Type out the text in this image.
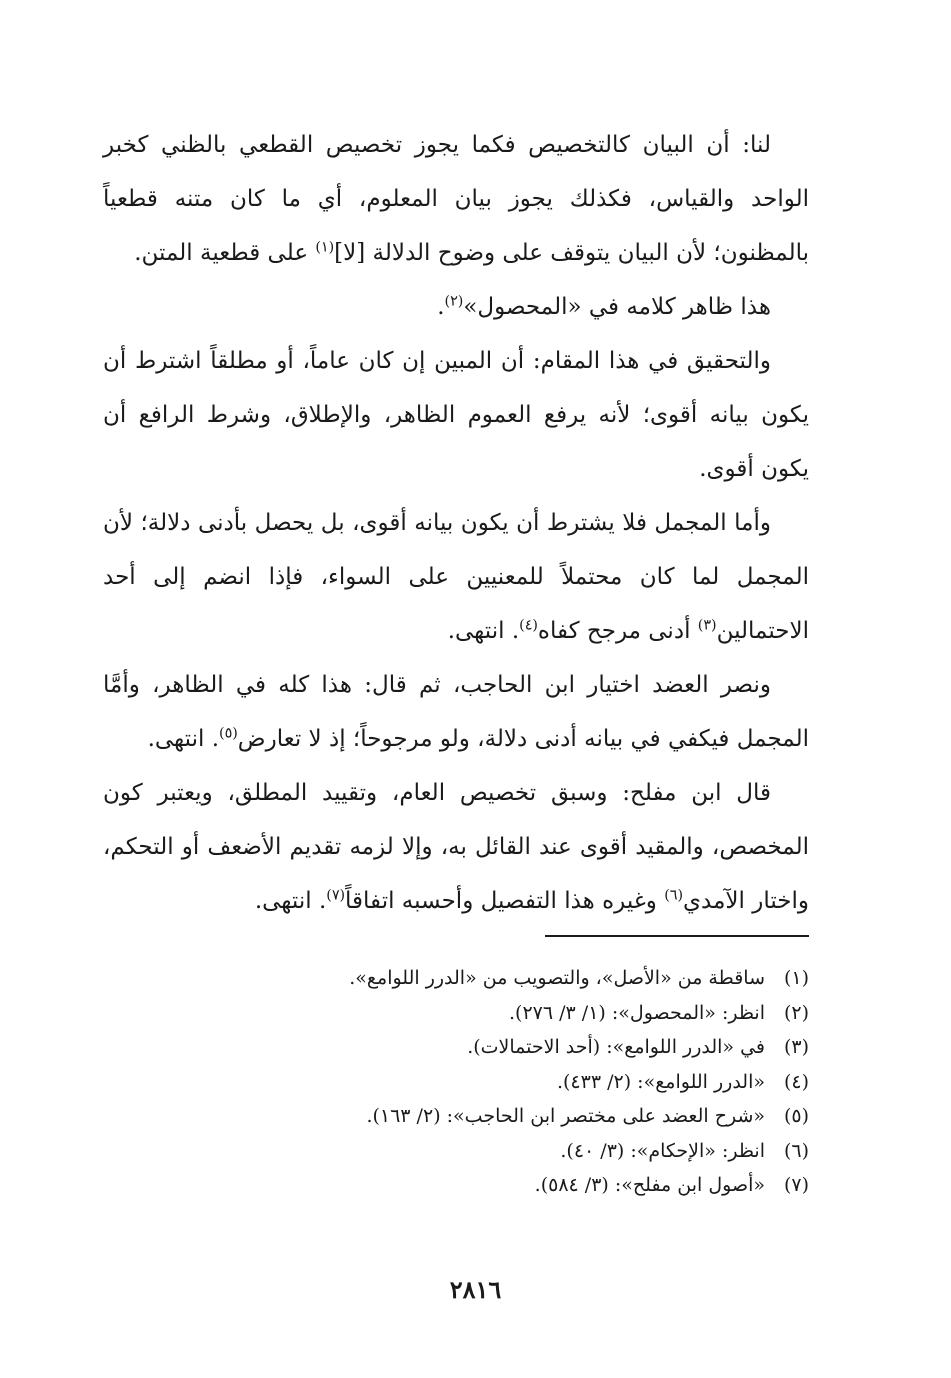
لنا: أن البيان كالتخصيص فكما يجوز تخصيص القطعي بالظني كخبر الواحد والقياس، فكذلك يجوز بيان المعلوم، أي ما كان متنه قطعياً بالمظنون؛ لأن البيان يتوقف على وضوح الدلالة [لا]$^{(١)}$ على قطعية المتن.

هذا ظاهر كلامه في «المحصول»$^{(٢)}$.

والتحقيق في هذا المقام: أن المبين إن كان عاماً، أو مطلقاً اشترط أن يكون بيانه أقوى؛ لأنه يرفع العموم الظاهر، والإطلاق، وشرط الرافع أن يكون أقوى.

وأما المجمل فلا يشترط أن يكون بيانه أقوى، بل يحصل بأدنى دلالة؛ لأن المجمل لما كان محتملاً للمعنيين على السواء، فإذا انضم إلى أحد الاحتمالين$^{(٣)}$ أدنى مرجح كفاه$^{(٤)}$. انتهى.

ونصر العضد اختيار ابن الحاجب، ثم قال: هذا كله في الظاهر، وأمَّا المجمل فيكفي في بيانه أدنى دلالة، ولو مرجوحاً؛ إذ لا تعارض$^{(٥)}$. انتهى.

قال ابن مفلح: وسبق تخصيص العام، وتقييد المطلق، ويعتبر كون المخصص، والمقيد أقوى عند القائل به، وإلا لزمه تقديم الأضعف أو التحكم، واختار الآمدي$^{(٦)}$ وغيره هذا التفصيل وأحسبه اتفاقاً$^{(٧)}$. انتهى.

(١)
ساقطة من «الأصل»، والتصويب من «الدرر اللوامع».
(٢)
انظر: «المحصول»: (١/ ٣/ ٢٧٦).
(٣)
في «الدرر اللوامع»: (أحد الاحتمالات).
(٤)
«الدرر اللوامع»: (٢/ ٤٣٣).
(٥)
«شرح العضد على مختصر ابن الحاجب»: (٢/ ١٦٣).
(٦)
انظر: «الإحكام»: (٣/ ٤٠).
(٧)
«أصول ابن مفلح»: (٣/ ٥٨٤).
٢٨١٦
